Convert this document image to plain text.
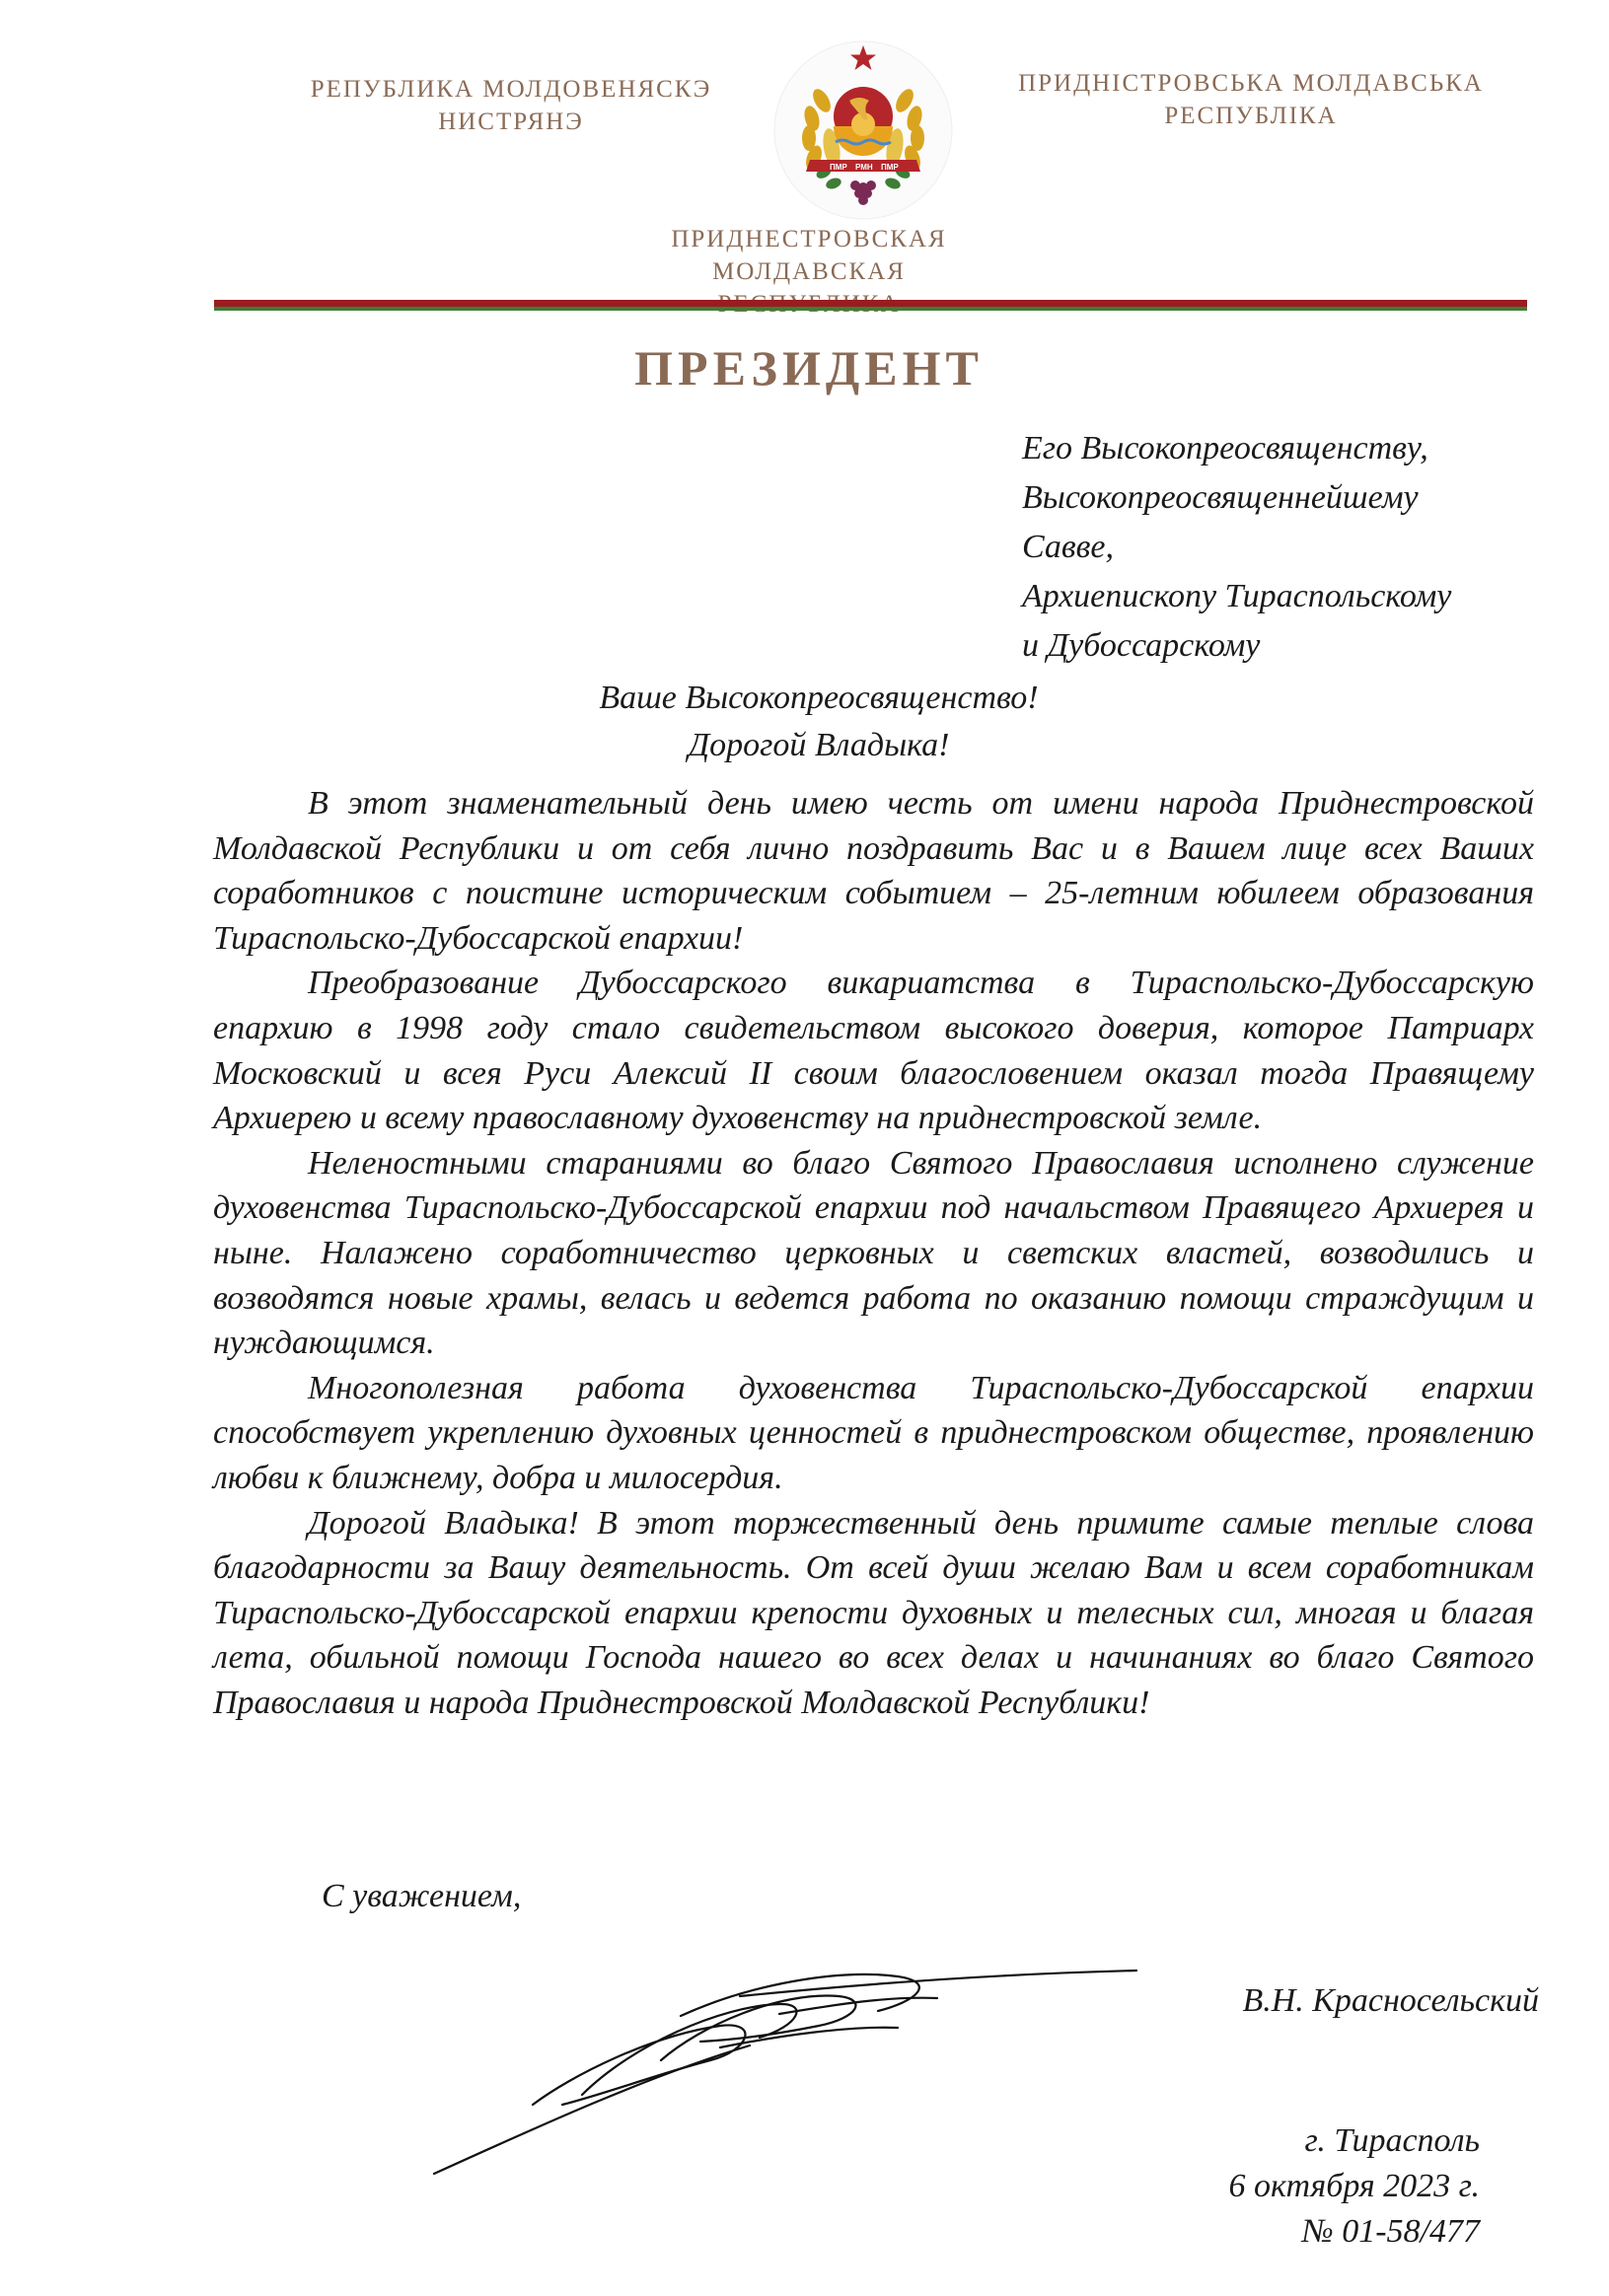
РЕПУБЛИКА МОЛДОВЕНЯСКЭ
НИСТРЯНЭ
ПМР РМН ПМР
ПРИДНІСТРОВСЬКА МОЛДАВСЬКА
РЕСПУБЛІКА
ПРИДНЕСТРОВСКАЯ МОЛДАВСКАЯ
ПРЕЗИДЕНТ
Его Высокопреосвященству,
Высокопреосвященнейшему
Савве,
Архиепископу Тираспольскому
и Дубоссарскому
Ваше Высокопреосвященство!
Дорогой Владыка!

В этот знаменательный день имею честь от имени народа Приднестровской Молдавской Республики и от себя лично поздравить Вас и в Вашем лице всех Ваших соработников с поистине историческим событием – 25-летним юбилеем образования Тираспольско-Дубоссарской епархии!

Преобразование Дубоссарского викариатства в Тираспольско-Дубоссарскую епархию в 1998 году стало свидетельством высокого доверия, которое Патриарх Московский и всея Руси Алексий II своим благословением оказал тогда Правящему Архиерею и всему православному духовенству на приднестровской земле.

Неленостными стараниями во благо Святого Православия исполнено служение духовенства Тираспольско-Дубоссарской епархии под начальством Правящего Архиерея и ныне. Налажено соработничество церковных и светских властей, возводились и возводятся новые храмы, велась и ведется работа по оказанию помощи страждущим и нуждающимся.

Многополезная работа духовенства Тираспольско-Дубоссарской епархии способствует укреплению духовных ценностей в приднестровском обществе, проявлению любви к ближнему, добра и милосердия.

Дорогой Владыка! В этот торжественный день примите самые теплые слова благодарности за Вашу деятельность. От всей души желаю Вам и всем соработникам Тираспольско-Дубоссарской епархии крепости духовных и телесных сил, многая и благая лета, обильной помощи Господа нашего во всех делах и начинаниях во благо Святого Православия и народа Приднестровской Молдавской Республики!

С уважением,
В.Н. Красносельский
г. Тирасполь
6 октября 2023 г.
№ 01-58/477
